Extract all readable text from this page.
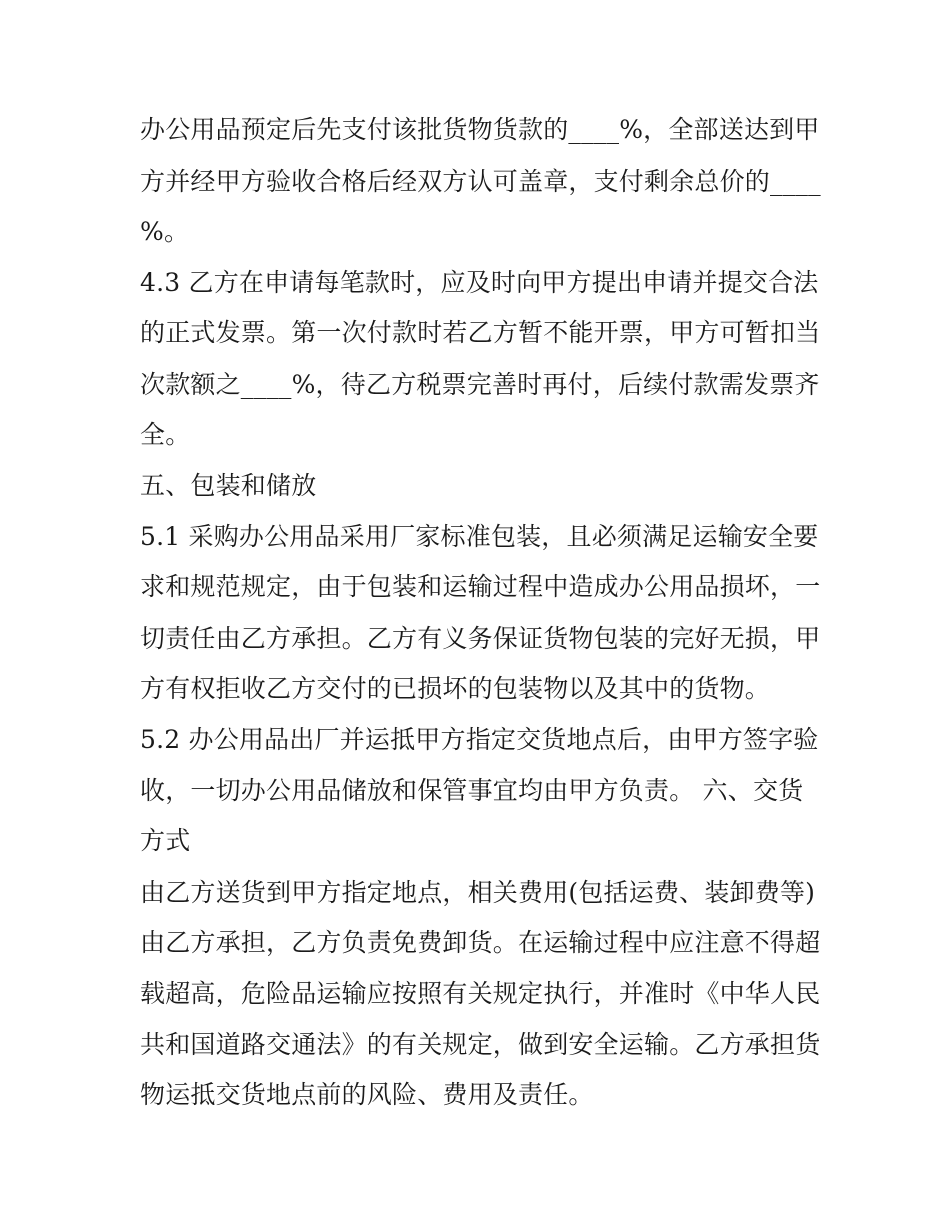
办公用品预定后先支付该批货物货款的____%，全部送达到甲
方并经甲方验收合格后经双方认可盖章，支付剩余总价的____
%。
4.3 乙方在申请每笔款时，应及时向甲方提出申请并提交合法
的正式发票。第一次付款时若乙方暂不能开票，甲方可暂扣当
次款额之____%，待乙方税票完善时再付，后续付款需发票齐
全。
五、包装和储放
5.1 采购办公用品采用厂家标准包装，且必须满足运输安全要
求和规范规定，由于包装和运输过程中造成办公用品损坏，一
切责任由乙方承担。乙方有义务保证货物包装的完好无损，甲
方有权拒收乙方交付的已损坏的包装物以及其中的货物。
5.2 办公用品出厂并运抵甲方指定交货地点后，由甲方签字验
收，一切办公用品储放和保管事宜均由甲方负责。 六、交货
方式
由乙方送货到甲方指定地点，相关费用(包括运费、装卸费等)
由乙方承担，乙方负责免费卸货。在运输过程中应注意不得超
载超高，危险品运输应按照有关规定执行，并准时《中华人民
共和国道路交通法》的有关规定，做到安全运输。乙方承担货
物运抵交货地点前的风险、费用及责任。
